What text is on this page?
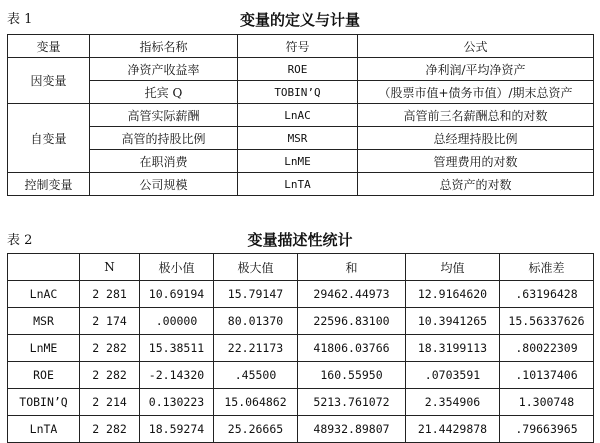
表 1	变量的定义与计量
变量	指标名称	符号	公式
因变量	净资产收益率	ROE	净利润/平均净资产
	托宾 Q	TOBIN’Q	（股票市值+债务市值）/期末总资产
自变量	高管实际薪酬	LnAC	高管前三名薪酬总和的对数
	高管的持股比例	MSR	总经理持股比例
	在职消费	LnME	管理费用的对数
控制变量	公司规模	LnTA	总资产的对数
表 2	变量描述性统计
	N	极小值	极大值	和	均值	标准差
LnAC	2 281	10.69194	15.79147	29462.44973	12.9164620	.63196428
MSR	2 174	.00000	80.01370	22596.83100	10.3941265	15.56337626
LnME	2 282	15.38511	22.21173	41806.03766	18.3199113	.80022309
ROE	2 282	-2.14320	.45500	160.55950	.0703591	.10137406
TOBIN’Q	2 214	0.130223	15.064862	5213.761072	2.354906	1.300748
LnTA	2 282	18.59274	25.26665	48932.89807	21.4429878	.79663965
